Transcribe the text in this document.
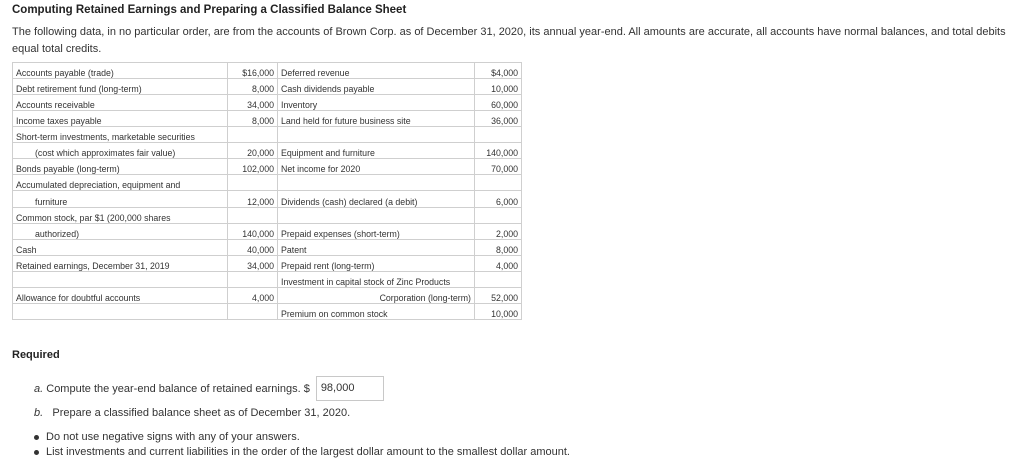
Computing Retained Earnings and Preparing a Classified Balance Sheet
The following data, in no particular order, are from the accounts of Brown Corp. as of December 31, 2020, its annual year-end. All amounts are accurate, all accounts have normal balances, and total debits equal total credits.
Accounts payable (trade)	$16,000	Deferred revenue	$4,000
Debt retirement fund (long-term)	8,000	Cash dividends payable	10,000
Accounts receivable	34,000	Inventory	60,000
Income taxes payable	8,000	Land held for future business site	36,000
Short-term investments, marketable securities			
(cost which approximates fair value)	20,000	Equipment and furniture	140,000
Bonds payable (long-term)	102,000	Net income for 2020	70,000
Accumulated depreciation, equipment and			
furniture	12,000	Dividends (cash) declared (a debit)	6,000
Common stock, par $1 (200,000 shares			
authorized)	140,000	Prepaid expenses (short-term)	2,000
Cash	40,000	Patent	8,000
Retained earnings, December 31, 2019	34,000	Prepaid rent (long-term)	4,000
		Investment in capital stock of Zinc Products	
Allowance for doubtful accounts	4,000	Corporation (long-term)	52,000
		Premium on common stock	10,000
Required
a.
Compute the year-end balance of retained earnings. $	98,000
b. Prepare a classified balance sheet as of December 31, 2020.
Do not use negative signs with any of your answers.
List investments and current liabilities in the order of the largest dollar amount to the smallest dollar amount.
